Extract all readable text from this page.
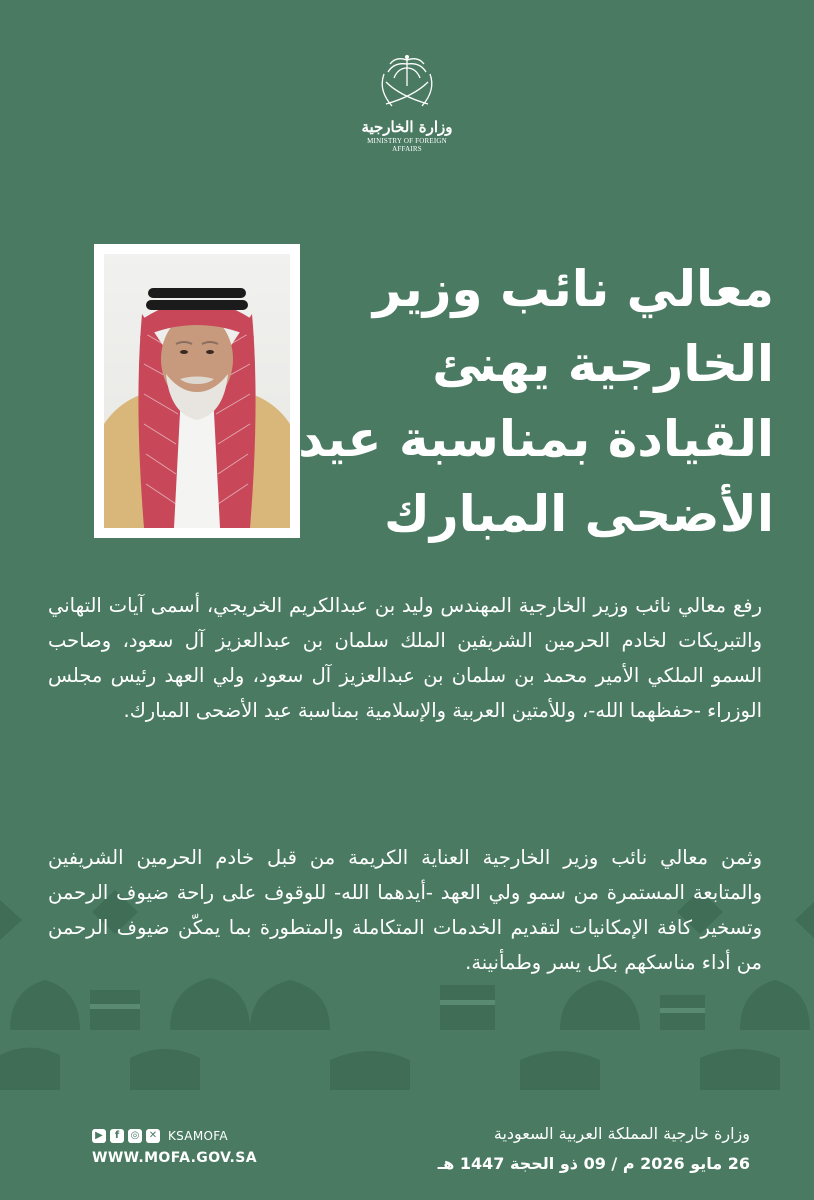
وزارة الخارجية
MINISTRY OF FOREIGN AFFAIRS
معالي نائب وزير
الخارجية يهنئ
القيادة بمناسبة عيد
الأضحى المبارك
رفع معالي نائب وزير الخارجية المهندس وليد بن عبدالكريم الخريجي، أسمى آيات التهاني والتبريكات لخادم الحرمين الشريفين الملك سلمان بن عبدالعزيز آل سعود، وصاحب السمو الملكي الأمير محمد بن سلمان بن عبدالعزيز آل سعود، ولي العهد رئيس مجلس الوزراء -حفظهما الله-، وللأمتين العربية والإسلامية بمناسبة عيد الأضحى المبارك.
وثمن معالي نائب وزير الخارجية العناية الكريمة من قبل خادم الحرمين الشريفين والمتابعة المستمرة من سمو ولي العهد -أيدهما الله- للوقوف على راحة ضيوف الرحمن وتسخير كافة الإمكانيات لتقديم الخدمات المتكاملة والمتطورة بما يمكّن ضيوف الرحمن من أداء مناسكهم بكل يسر وطمأنينة.
▶	f	◎ ✕ KSAMOFA
WWW.MOFA.GOV.SA
وزارة خارجية المملكة العربية السعودية
26 مايو 2026 م / 09 ذو الحجة 1447 هـ
